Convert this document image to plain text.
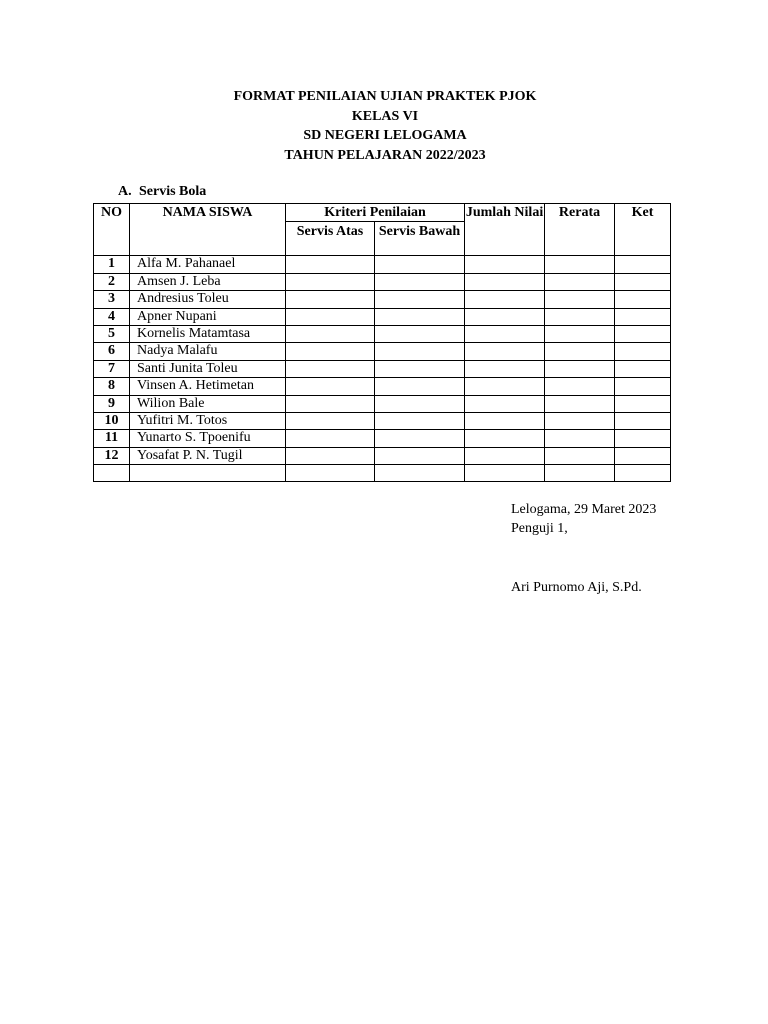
FORMAT PENILAIAN UJIAN PRAKTEK PJOK
KELAS VI
SD NEGERI LELOGAMA
TAHUN PELAJARAN 2022/2023
A. Servis Bola
NO	NAMA SISWA	Kriteri Penilaian		Jumlah Nilai	Rerata	Ket
		Servis Atas	Servis Bawah			
1	Alfa M. Pahanael					
2	Amsen J. Leba					
3	Andresius Toleu					
4	Apner Nupani					
5	Kornelis Matamtasa					
6	Nadya Malafu					
7	Santi Junita Toleu					
8	Vinsen A. Hetimetan					
9	Wilion Bale					
10	Yufitri M. Totos					
11	Yunarto S. Tpoenifu					
12	Yosafat P. N. Tugil					

Lelogama, 29 Maret 2023
Penguji 1,
Ari Purnomo Aji, S.Pd.
